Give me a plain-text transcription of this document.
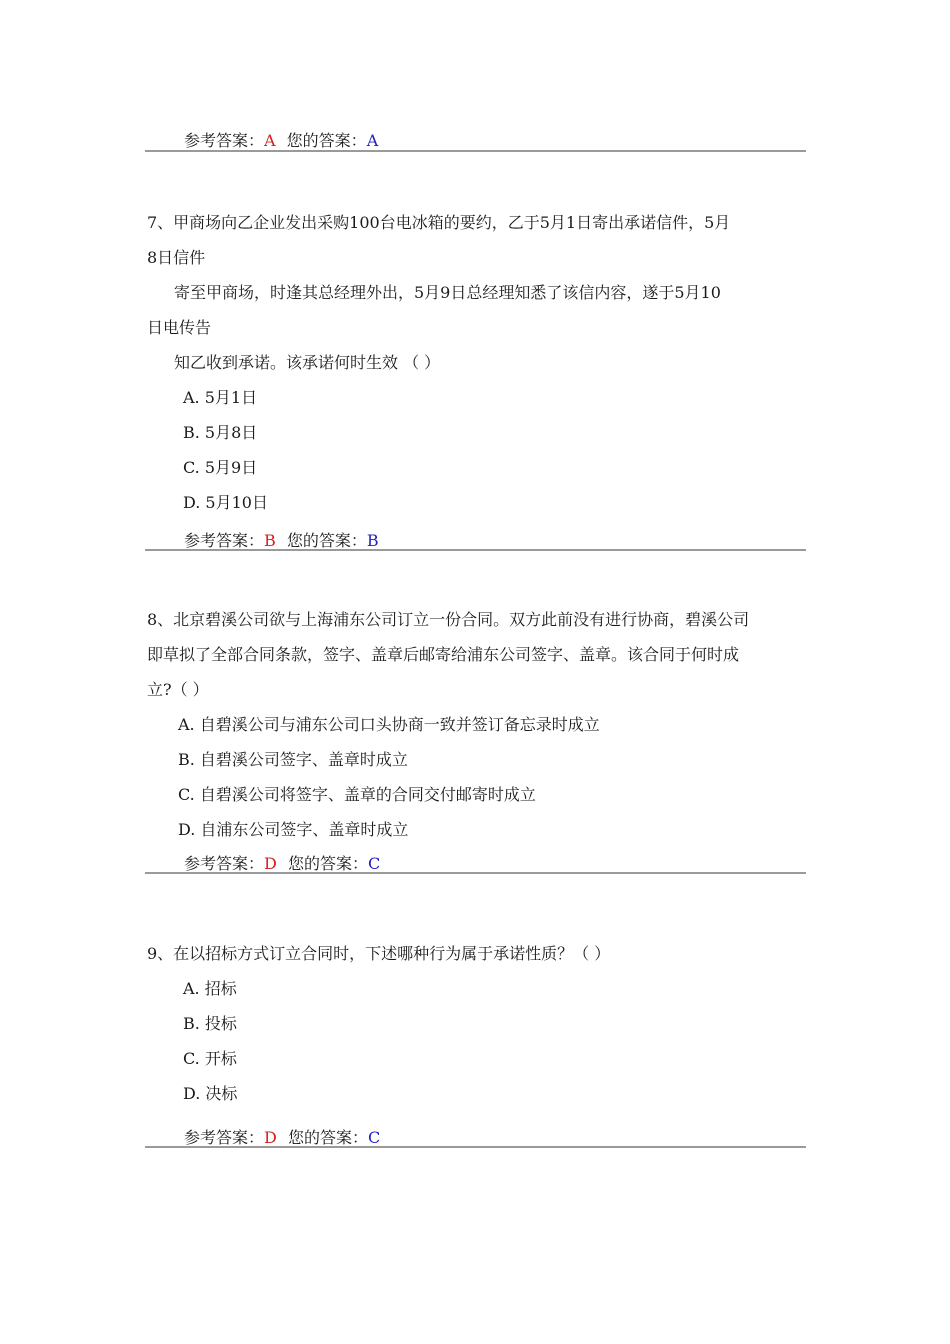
参考答案：A 您的答案：A
7、甲商场向乙企业发出采购100台电冰箱的要约，乙于5月1日寄出承诺信件，5月
8日信件
寄至甲商场，时逢其总经理外出，5月9日总经理知悉了该信内容，遂于5月10
日电传告
知乙收到承诺。该承诺何时生效 （ ）
A. 5月1日
B. 5月8日
C. 5月9日
D. 5月10日
参考答案：B 您的答案：B
8、北京碧溪公司欲与上海浦东公司订立一份合同。双方此前没有进行协商，碧溪公司
即草拟了全部合同条款，签字、盖章后邮寄给浦东公司签字、盖章。该合同于何时成
立?（ ）
A. 自碧溪公司与浦东公司口头协商一致并签订备忘录时成立
B. 自碧溪公司签字、盖章时成立
C. 自碧溪公司将签字、盖章的合同交付邮寄时成立
D. 自浦东公司签字、盖章时成立
参考答案：D 您的答案：C
9、在以招标方式订立合同时，下述哪种行为属于承诺性质？（ ）
A. 招标
B. 投标
C. 开标
D. 决标
参考答案：D 您的答案：C
